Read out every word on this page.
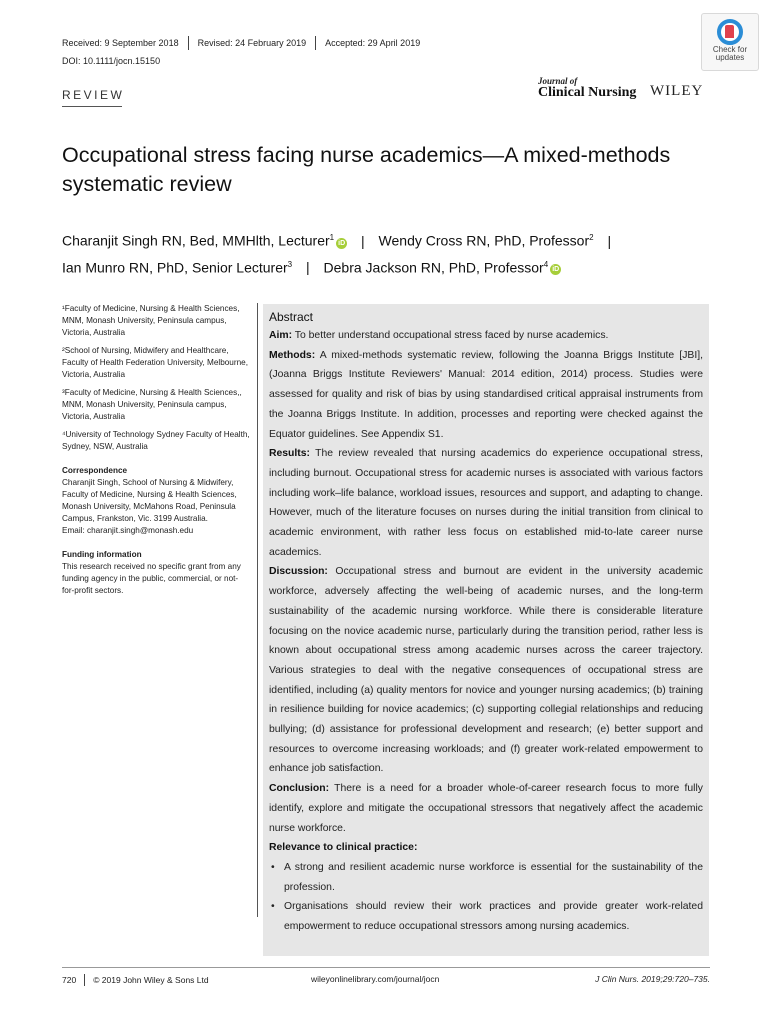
Received: 9 September 2018 Revised: 24 February 2019 Accepted: 29 April 2019
DOI: 10.1111/jocn.15150
Check for
updates
REVIEW
Journal of
Clinical Nursing WILEY
Occupational stress facing nurse academics—A mixed-methods systematic review
Charanjit Singh RN, Bed, MMHlth, Lecturer$^1$iD | Wendy Cross RN, PhD, Professor$^2$ |
Ian Munro RN, PhD, Senior Lecturer$^3$ | Debra Jackson RN, PhD, Professor$^4$iD

¹Faculty of Medicine, Nursing & Health Sciences, MNM, Monash University, Peninsula campus, Victoria, Australia

²School of Nursing, Midwifery and Healthcare, Faculty of Health Federation University, Melbourne, Victoria, Australia

³Faculty of Medicine, Nursing & Health Sciences,, MNM, Monash University, Peninsula campus, Victoria, Australia

⁴University of Technology Sydney Faculty of Health, Sydney, NSW, Australia

Correspondence

Charanjit Singh, School of Nursing & Midwifery, Faculty of Medicine, Nursing & Health Sciences, Monash University, McMahons Road, Peninsula Campus, Frankston, Vic. 3199 Australia.

Email: charanjit.singh@monash.edu

Funding information

This research received no specific grant from any funding agency in the public, commercial, or not-for-profit sectors.

Abstract

Aim: To better understand occupational stress faced by nurse academics.

Methods: A mixed-methods systematic review, following the Joanna Briggs Institute [JBI], (Joanna Briggs Institute Reviewers' Manual: 2014 edition, 2014) process. Studies were assessed for quality and risk of bias by using standardised critical appraisal instruments from the Joanna Briggs Institute. In addition, processes and reporting were checked against the Equator guidelines. See Appendix S1.

Results: The review revealed that nursing academics do experience occupational stress, including burnout. Occupational stress for academic nurses is associated with various factors including work–life balance, workload issues, resources and support, and adapting to change. However, much of the literature focuses on nurses during the initial transition from clinical to academic environment, with rather less focus on established mid-to-late career nurse academics.

Discussion: Occupational stress and burnout are evident in the university academic workforce, adversely affecting the well-being of academic nurses, and the long-term sustainability of the academic nursing workforce. While there is considerable literature focusing on the novice academic nurse, particularly during the transition period, rather less is known about occupational stress among academic nurses across the career trajectory. Various strategies to deal with the negative consequences of occupational stress are identified, including (a) quality mentors for novice and younger nursing academics; (b) training in resilience building for novice academics; (c) supporting collegial relationships and reducing bullying; (d) assistance for professional development and research; (e) better support and resources to overcome increasing workloads; and (f) greater work-related empowerment to enhance job satisfaction.

Conclusion: There is a need for a broader whole-of-career research focus to more fully identify, explore and mitigate the occupational stressors that negatively affect the academic nurse workforce.

Relevance to clinical practice:

• A strong and resilient academic nurse workforce is essential for the sustainability of the profession.
• Organisations should review their work practices and provide greater work-related empowerment to reduce occupational stressors among nursing academics.
720 © 2019 John Wiley & Sons Ltd	wileyonlinelibrary.com/journal/jocn	J Clin Nurs. 2019;29:720–735.
